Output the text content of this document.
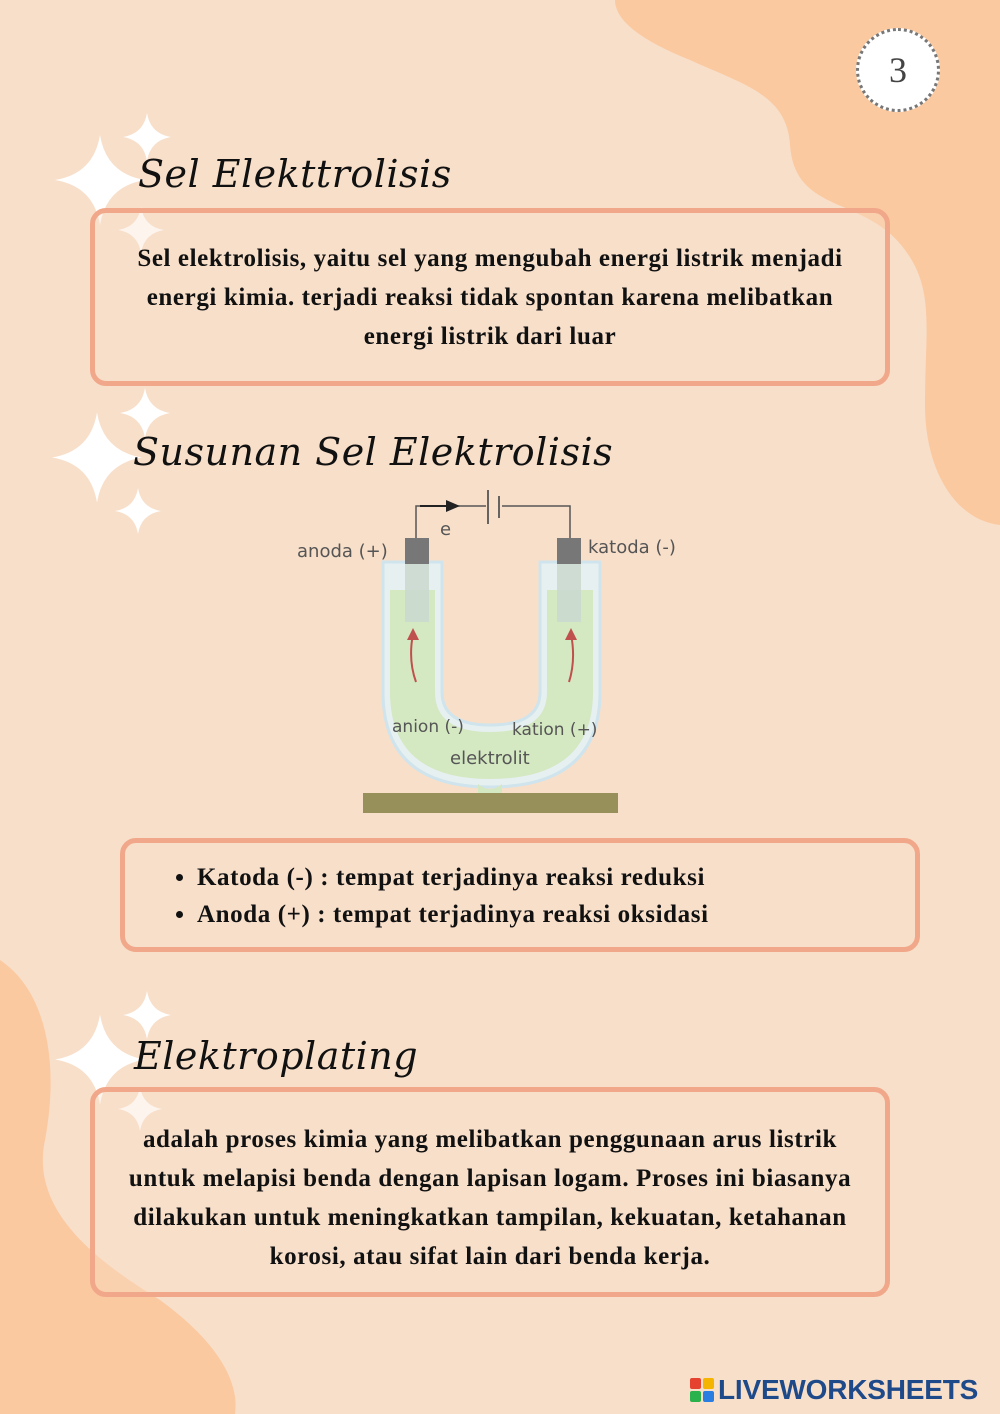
3
Sel Elekttrolisis

Sel elektrolisis, yaitu sel yang mengubah energi listrik menjadi energi kimia. terjadi reaksi tidak spontan karena melibatkan energi listrik dari luar

Susunan Sel Elektrolisis
e
anoda (+)	katoda (-)
anion (-)	kation (+)
elektrolit
• Katoda (-) : tempat terjadinya reaksi reduksi
• Anoda (+) : tempat terjadinya reaksi oksidasi
Elektroplating

adalah proses kimia yang melibatkan penggunaan arus listrik untuk melapisi benda dengan lapisan logam. Proses ini biasanya dilakukan untuk meningkatkan tampilan, kekuatan, ketahanan korosi, atau sifat lain dari benda kerja.

LIVEWORKSHEETS
